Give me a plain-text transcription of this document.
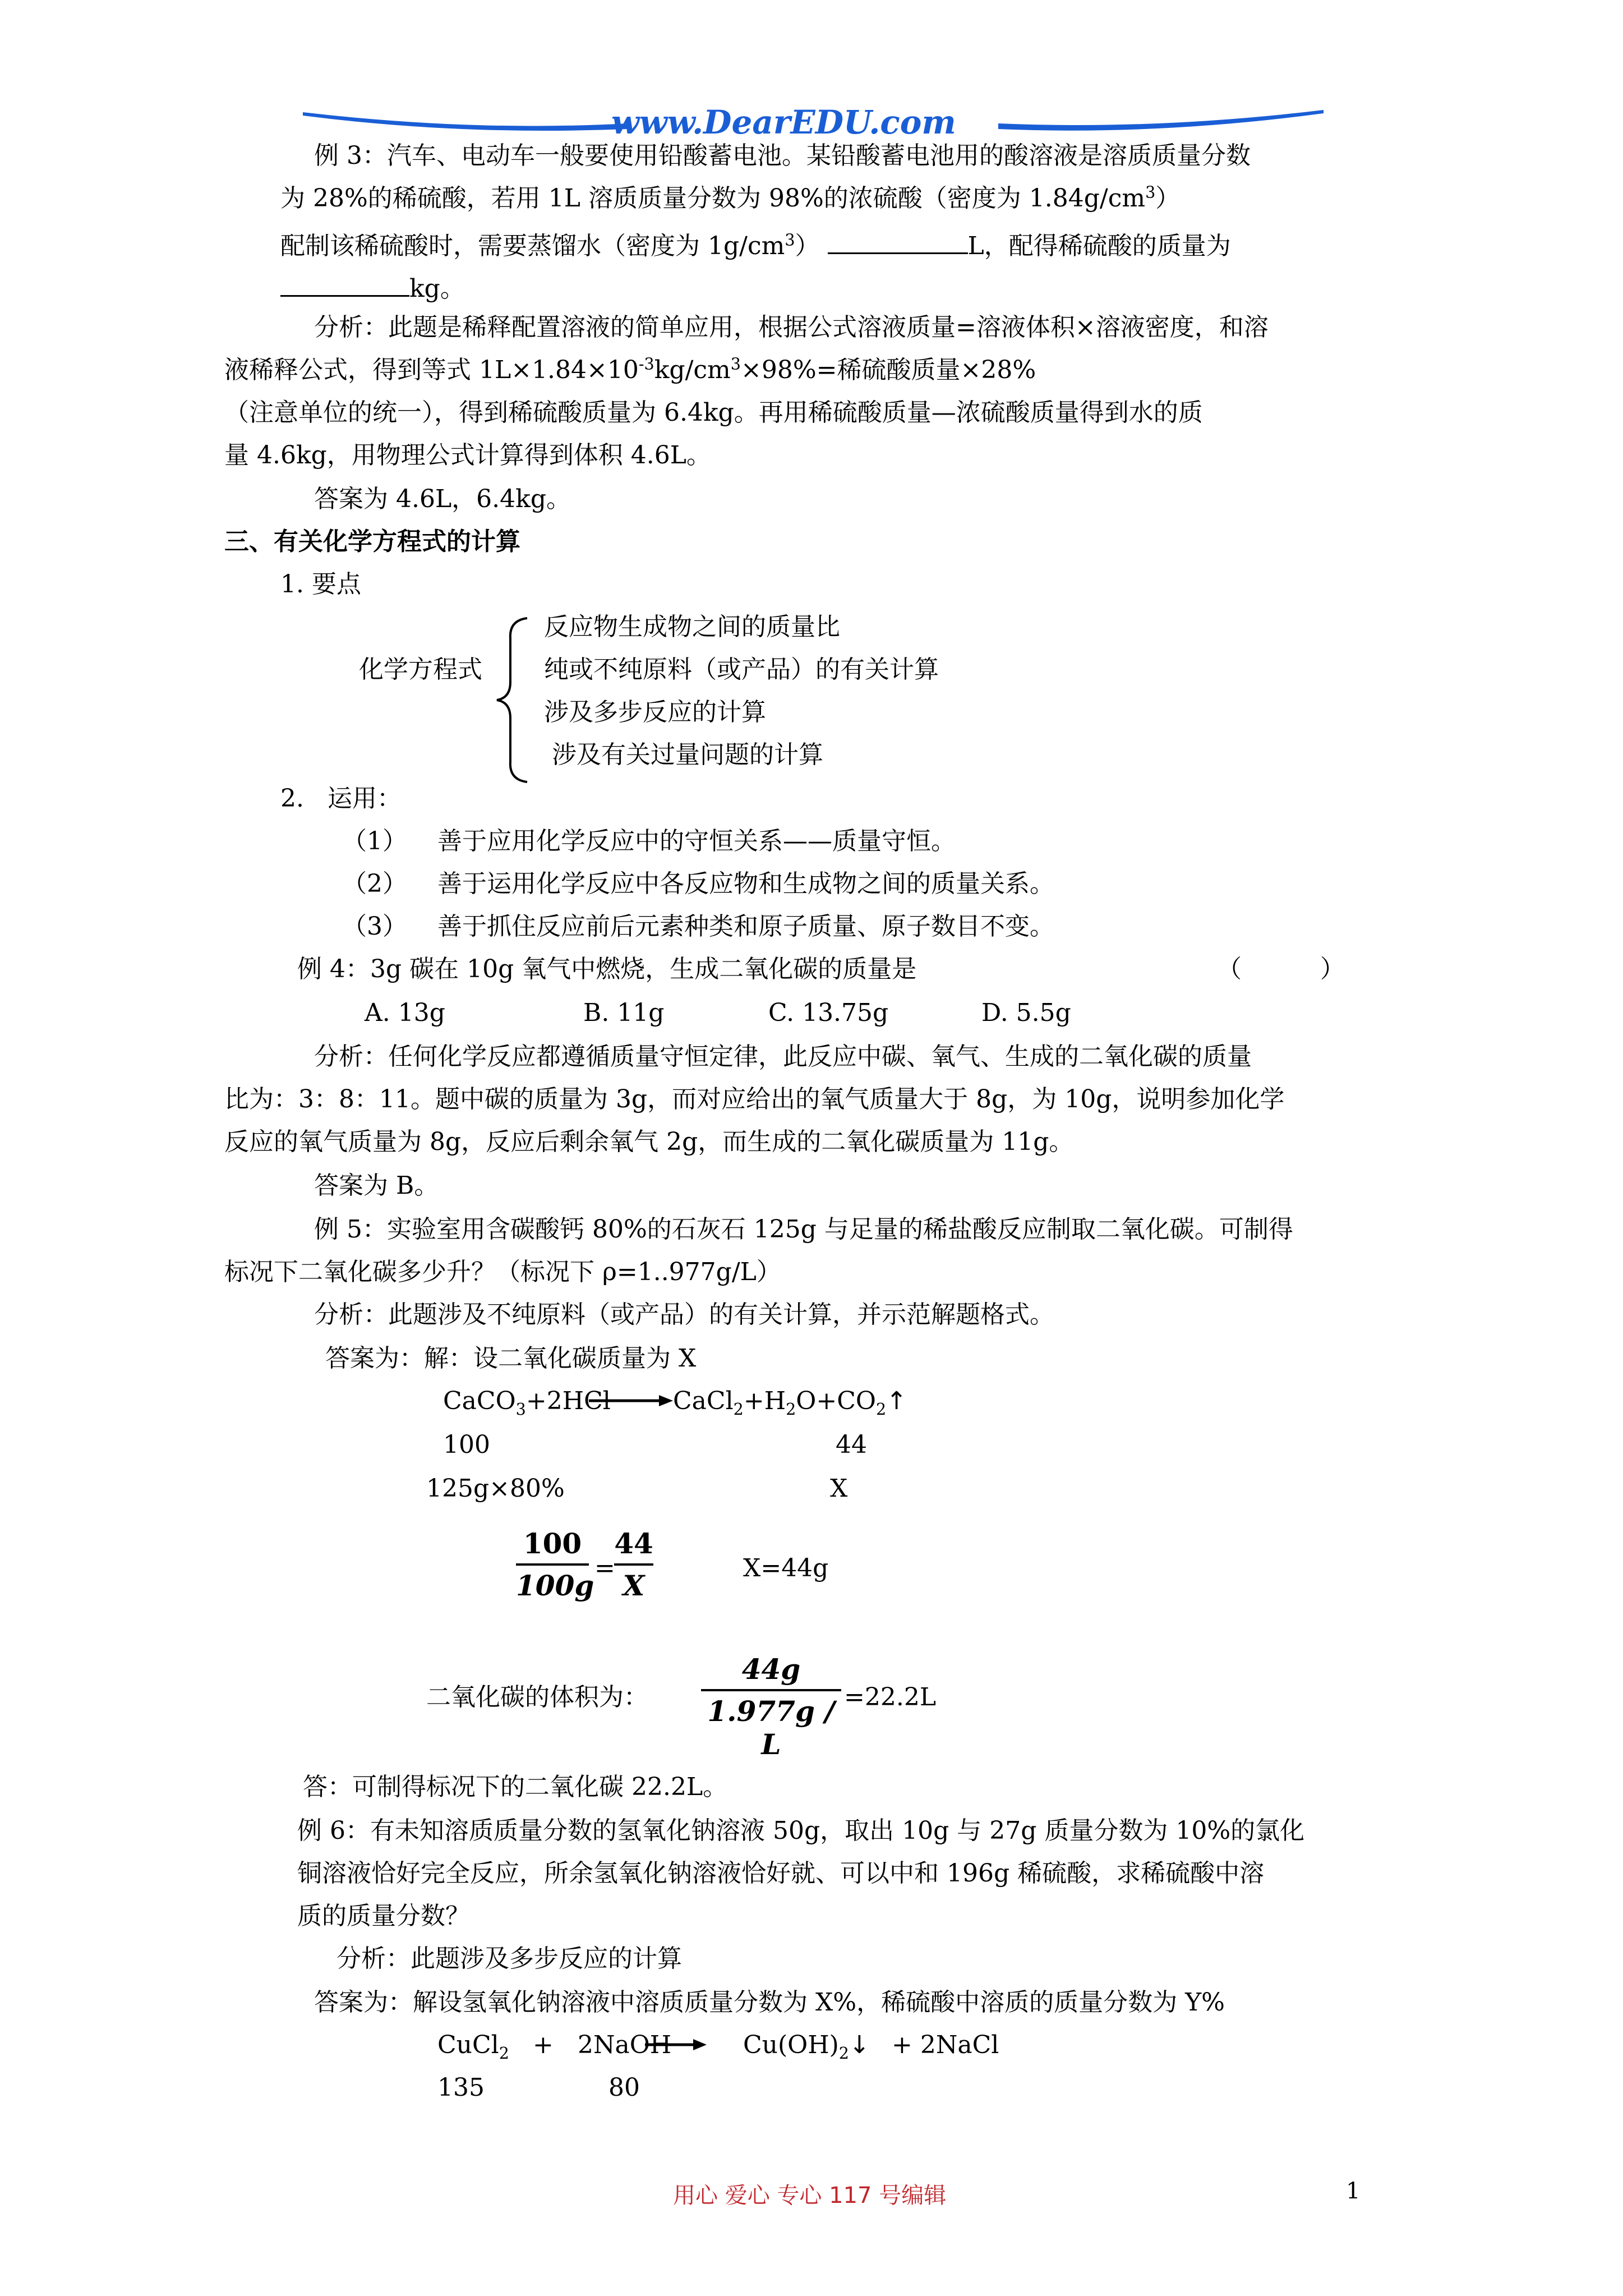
www.DearEDU.com
例 3：汽车、电动车一般要使用铅酸蓄电池。某铅酸蓄电池用的酸溶液是溶质质量分数
为 28%的稀硫酸，若用 1L 溶质质量分数为 98%的浓硫酸（密度为 $1.84g/cm^3$）
配制该稀硫酸时，需要蒸馏水（密度为 $1g/cm^3$）	L，配得稀硫酸的质量为
kg。
分析：此题是稀释配置溶液的简单应用，根据公式溶液质量=溶液体积×溶液密度，和溶
液稀释公式，得到等式 $1L\times 1.84\times 10^{-3}kg/cm^3\times 98\%=$稀硫酸质量×28%
（注意单位的统一），得到稀硫酸质量为 6.4kg。再用稀硫酸质量—浓硫酸质量得到水的质
量 4.6kg，用物理公式计算得到体积 4.6L。
答案为 4.6L，6.4kg。
三、有关化学方程式的计算
1. 要点
化学方程式
反应物生成物之间的质量比
纯或不纯原料（或产品）的有关计算
涉及多步反应的计算
涉及有关过量问题的计算
2.   运用：
（1） 善于应用化学反应中的守恒关系——质量守恒。
（2） 善于运用化学反应中各反应物和生成物之间的质量关系。
（3） 善于抓住反应前后元素种类和原子质量、原子数目不变。
例 4：3g 碳在 10g 氧气中燃烧，生成二氧化碳的质量是	（          ）
A. 13g	B. 11g	C. 13.75g	D. 5.5g
分析：任何化学反应都遵循质量守恒定律，此反应中碳、氧气、生成的二氧化碳的质量
比为：3：8：11。题中碳的质量为 3g，而对应给出的氧气质量大于 8g，为 10g，说明参加化学
反应的氧气质量为 8g，反应后剩余氧气 2g，而生成的二氧化碳质量为 11g。
答案为 B。
例 5：实验室用含碳酸钙 80%的石灰石 125g 与足量的稀盐酸反应制取二氧化碳。可制得
标况下二氧化碳多少升？（标况下 ρ=1..977g/L）
分析：此题涉及不纯原料（或产品）的有关计算，并示范解题格式。
答案为：解：设二氧化碳质量为 X
CaCO$_3$+2HCl → $CaCl_2+H_2O+CO_2↑$
100	44
125g×80%	X
100
100g
=
44
X
X=44g
二氧化碳的体积为：
44g
1.977g / L
=22.2L
答：可制得标况下的二氧化碳 22.2L。
例 6：有未知溶质质量分数的氢氧化钠溶液 50g，取出 10g 与 27g 质量分数为 10%的氯化
铜溶液恰好完全反应，所余氢氧化钠溶液恰好就、可以中和 196g 稀硫酸，求稀硫酸中溶
质的质量分数？
分析：此题涉及多步反应的计算
答案为：解设氢氧化钠溶液中溶质质量分数为 X%，稀硫酸中溶质的质量分数为 Y%
CuCl$_2$ + 2NaOH → $Cu(OH)_2↓$ + 2NaCl
135	80
用心 爱心 专心 117 号编辑	1
